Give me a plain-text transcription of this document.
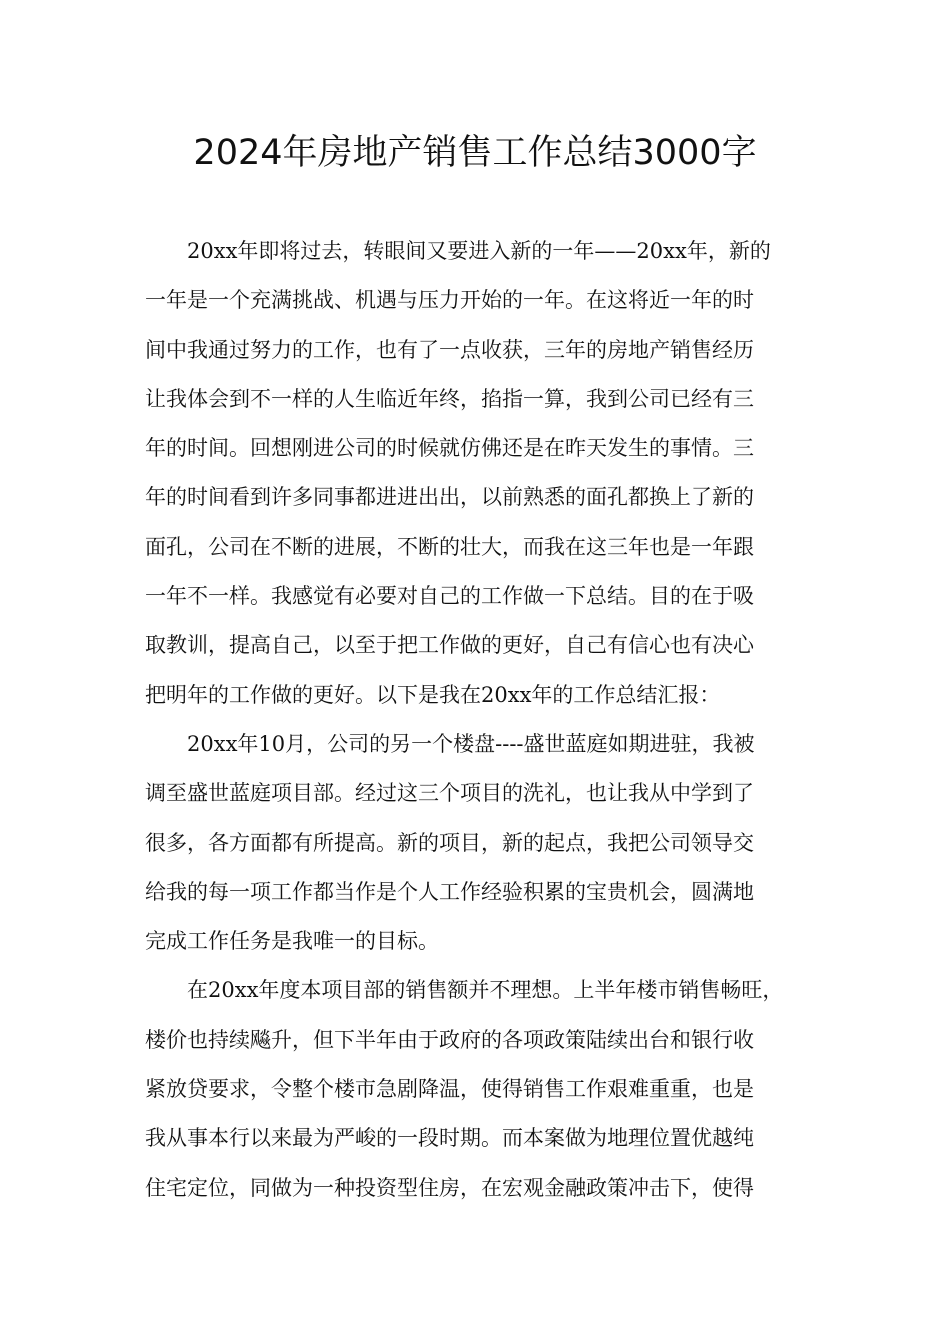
2024年房地产销售工作总结3000字
20xx年即将过去，转眼间又要进入新的一年——20xx年，新的
一年是一个充满挑战、机遇与压力开始的一年。在这将近一年的时
间中我通过努力的工作，也有了一点收获，三年的房地产销售经历
让我体会到不一样的人生临近年终，掐指一算，我到公司已经有三
年的时间。回想刚进公司的时候就仿佛还是在昨天发生的事情。三
年的时间看到许多同事都进进出出，以前熟悉的面孔都换上了新的
面孔，公司在不断的进展，不断的壮大，而我在这三年也是一年跟
一年不一样。我感觉有必要对自己的工作做一下总结。目的在于吸
取教训，提高自己，以至于把工作做的更好，自己有信心也有决心
把明年的工作做的更好。以下是我在20xx年的工作总结汇报：
20xx年10月，公司的另一个楼盘----盛世蓝庭如期进驻，我被
调至盛世蓝庭项目部。经过这三个项目的洗礼，也让我从中学到了
很多，各方面都有所提高。新的项目，新的起点，我把公司领导交
给我的每一项工作都当作是个人工作经验积累的宝贵机会，圆满地
完成工作任务是我唯一的目标。
在20xx年度本项目部的销售额并不理想。上半年楼市销售畅旺，
楼价也持续飚升，但下半年由于政府的各项政策陆续出台和银行收
紧放贷要求，令整个楼市急剧降温，使得销售工作艰难重重，也是
我从事本行以来最为严峻的一段时期。而本案做为地理位置优越纯
住宅定位，同做为一种投资型住房，在宏观金融政策冲击下，使得
